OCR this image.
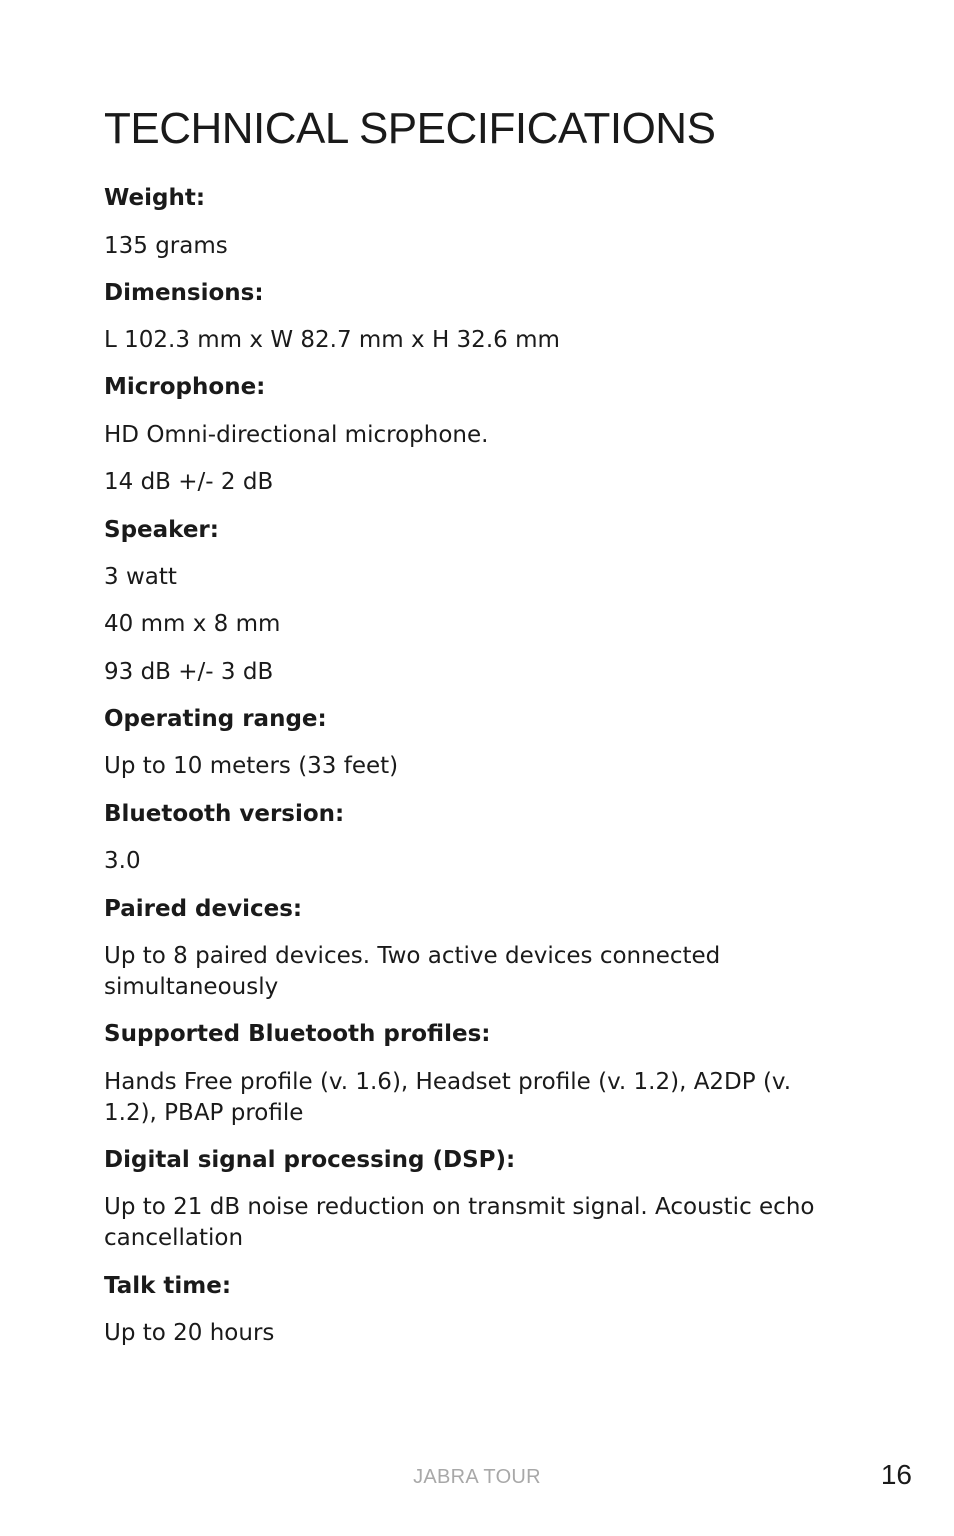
TECHNICAL SPECIFICATIONS

Weight:

135 grams

Dimensions:

L 102.3 mm x W 82.7 mm x H 32.6 mm

Microphone:

HD Omni-directional microphone.

14 dB +/- 2 dB

Speaker:

3 watt

40 mm x 8 mm

93 dB +/- 3 dB

Operating range:

Up to 10 meters (33 feet)

Bluetooth version:

3.0

Paired devices:

Up to 8 paired devices. Two active devices connected simultaneously

Supported Bluetooth profiles:

Hands Free profile (v. 1.6), Headset profile (v. 1.2), A2DP (v. 1.2), PBAP profile

Digital signal processing (DSP):

Up to 21 dB noise reduction on transmit signal. Acoustic echo cancellation

Talk time:

Up to 20 hours

JABRA TOUR	16
